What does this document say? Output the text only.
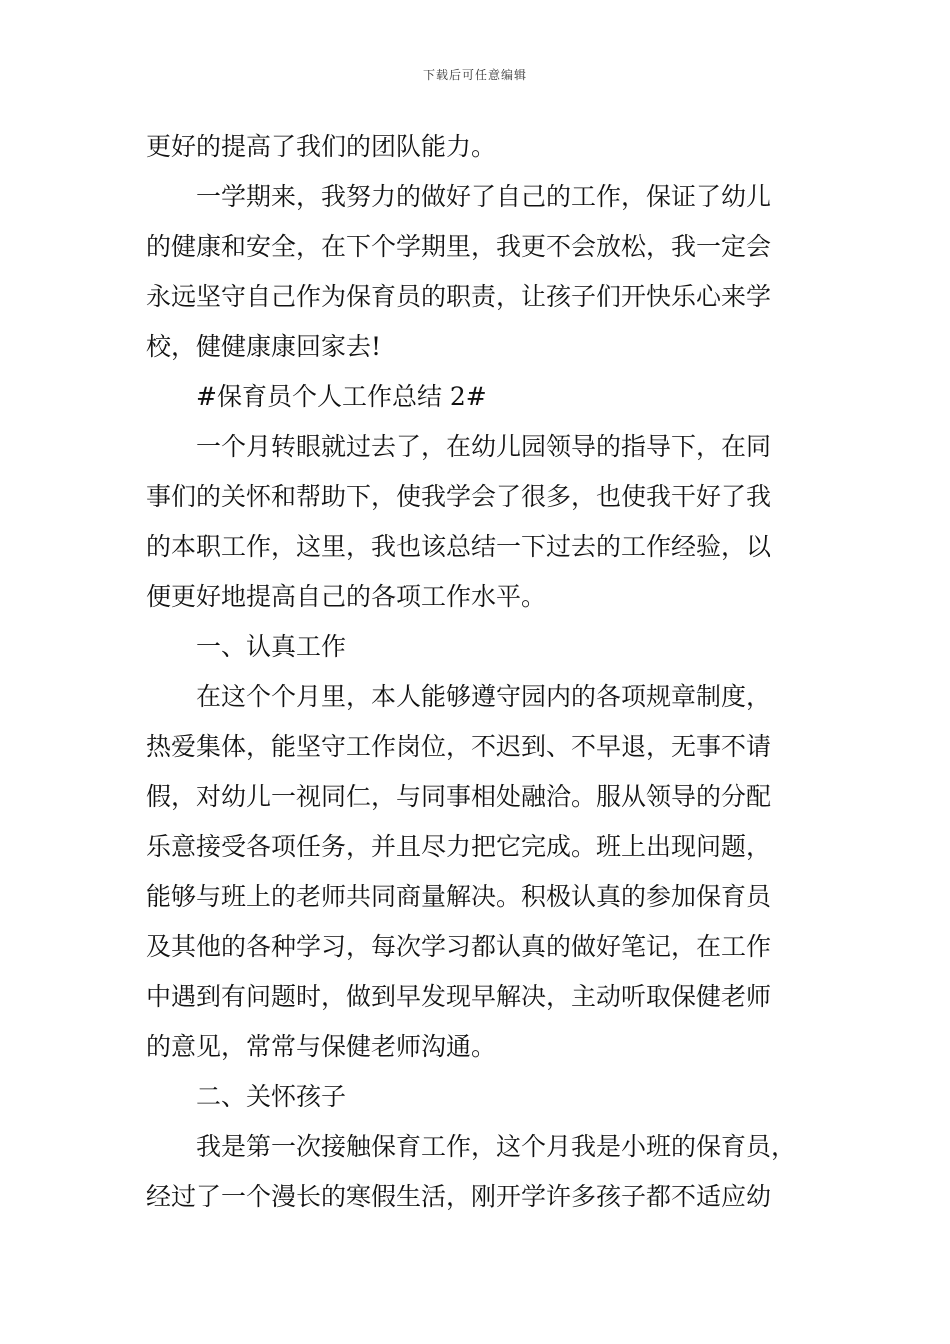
下载后可任意编辑
更好的提高了我们的团队能力。
一学期来，我努力的做好了自己的工作，保证了幼儿
的健康和安全，在下个学期里，我更不会放松，我一定会
永远坚守自己作为保育员的职责，让孩子们开快乐心来学
校，健健康康回家去!
#保育员个人工作总结 2#
一个月转眼就过去了，在幼儿园领导的指导下，在同
事们的关怀和帮助下，使我学会了很多，也使我干好了我
的本职工作，这里，我也该总结一下过去的工作经验，以
便更好地提高自己的各项工作水平。
一、认真工作
在这个个月里，本人能够遵守园内的各项规章制度，
热爱集体，能坚守工作岗位，不迟到、不早退，无事不请
假，对幼儿一视同仁，与同事相处融洽。服从领导的分配
乐意接受各项任务，并且尽力把它完成。班上出现问题，
能够与班上的老师共同商量解决。积极认真的参加保育员
及其他的各种学习，每次学习都认真的做好笔记，在工作
中遇到有问题时，做到早发现早解决，主动听取保健老师
的意见，常常与保健老师沟通。
二、关怀孩子
我是第一次接触保育工作，这个月我是小班的保育员，
经过了一个漫长的寒假生活，刚开学许多孩子都不适应幼
